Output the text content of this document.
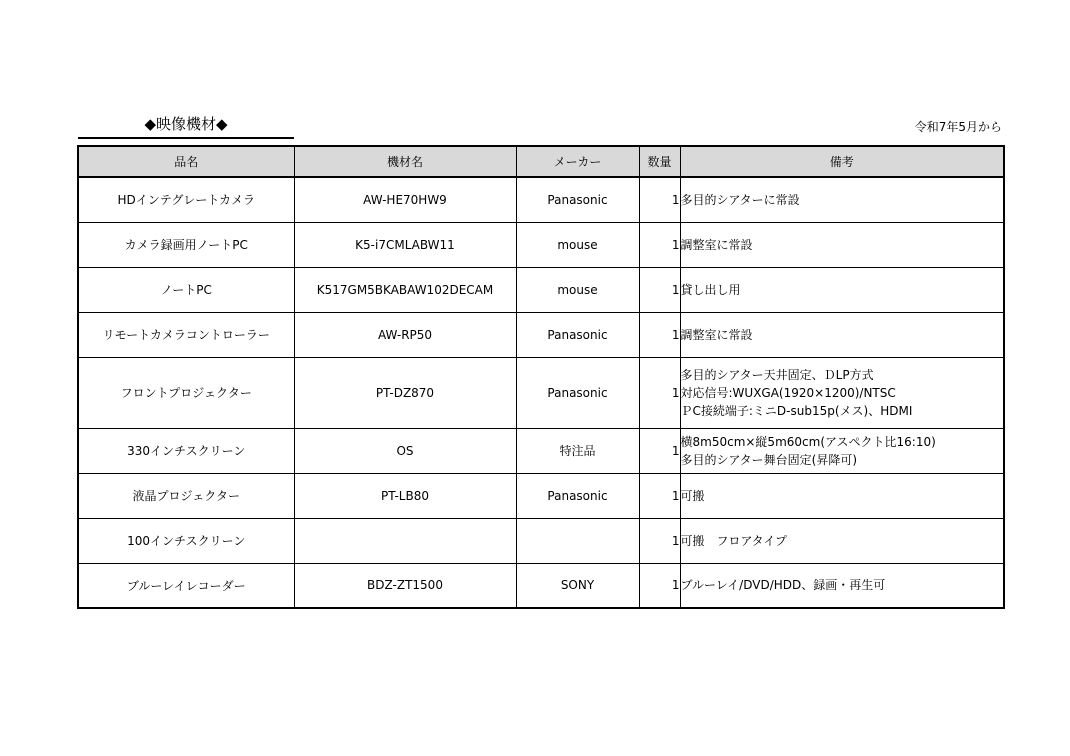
◆映像機材◆	令和7年5月から
品名	機材名	メーカー	数量	備考
HDインテグレートカメラ	AW-HE70HW9	Panasonic	1	多目的シアターに常設

カメラ録画用ノートPC	K5-i7CMLABW11	mouse	1	調整室に常設

ノートPC	K517GM5BKABAW102DECAM	mouse	1	貸し出し用

リモートカメラコントローラー	AW-RP50	Panasonic	1	調整室に常設

フロントプロジェクター	PT-DZ870	Panasonic	1	多目的シアター天井固定、ＤLP方式
対応信号:WUXGA(1920×1200)/NTSC
ＰC接続端子:ミニD-sub15p(メス)、HDMI

330インチスクリーン	OS	特注品	1	横8m50cm×縦5m60cm(アスペクト比16:10)
多目的シアター舞台固定(昇降可)

液晶プロジェクター	PT-LB80	Panasonic	1	可搬

100インチスクリーン			1	可搬　フロアタイプ

ブルーレイレコーダー	BDZ-ZT1500	SONY	1	ブルーレイ/DVD/HDD、録画・再生可
